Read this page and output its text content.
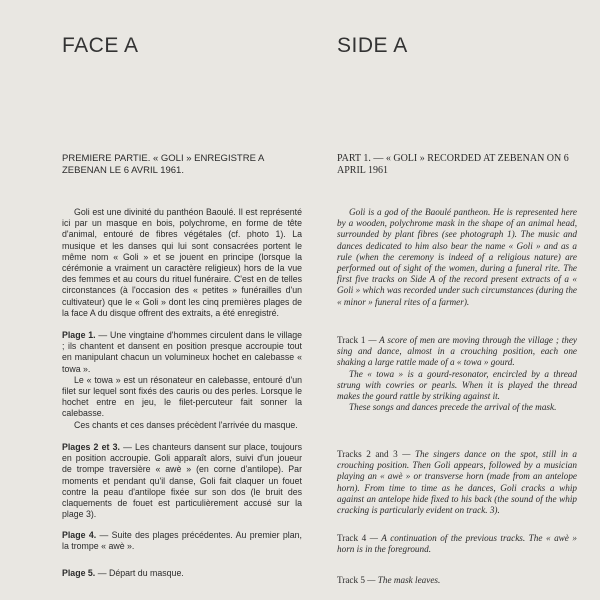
FACE A
PREMIERE PARTIE. « GOLI » ENREGISTRE A ZEBENAN LE 6 AVRIL 1961.

Goli est une divinité du panthéon Baoulé. Il est représenté ici par un masque en bois, polychrome, en forme de tête d'animal, entouré de fibres végétales (cf. photo 1). La musique et les danses qui lui sont consacrées portent le même nom « Goli » et se jouent en principe (lorsque la cérémonie a vraiment un caractère religieux) hors de la vue des femmes et au cours du rituel funéraire. C'est en de telles circonstances (à l'occasion des « petites » funérailles d'un cultivateur) que le « Goli » dont les cinq premières plages de la face A du disque offrent des extraits, a été enregistré.

Plage 1. — Une vingtaine d'hommes circulent dans le village ; ils chantent et dansent en position presque accroupie tout en manipulant chacun un volumineux hochet en calebasse « towa ».

Le « towa » est un résonateur en calebasse, entouré d'un filet sur lequel sont fixés des cauris ou des perles. Lorsque le hochet entre en jeu, le filet-percuteur fait sonner la calebasse.

Ces chants et ces danses précèdent l'arrivée du masque.

Plages 2 et 3. — Les chanteurs dansent sur place, toujours en position accroupie. Goli apparaît alors, suivi d'un joueur de trompe traversière « awè » (en corne d'antilope). Par moments et pendant qu'il danse, Goli fait claquer un fouet contre la peau d'antilope fixée sur son dos (le bruit des claquements de fouet est particulièrement accusé sur la plage 3).

Plage 4. — Suite des plages précédentes. Au premier plan, la trompe « awè ».

Plage 5. — Départ du masque.

SIDE A
PART 1. — « GOLI » RECORDED AT ZEBENAN ON 6 APRIL 1961

Goli is a god of the Baoulé pantheon. He is represented here by a wooden, polychrome mask in the shape of an animal head, surrounded by plant fibres (see photograph 1). The music and dances dedicated to him also bear the name « Goli » and as a rule (when the ceremony is indeed of a religious nature) are performed out of sight of the women, during a funeral rite. The first five tracks on Side A of the record present extracts of a « Goli » which was recorded under such circumstances (during the « minor » funeral rites of a farmer).

Track 1 — A score of men are moving through the village ; they sing and dance, almost in a crouching position, each one shaking a large rattle made of a « towa » gourd.

The « towa » is a gourd-resonator, encircled by a thread strung with cowries or pearls. When it is played the thread makes the gourd rattle by striking against it.

These songs and dances precede the arrival of the mask.

Tracks 2 and 3 — The singers dance on the spot, still in a crouching position. Then Goli appears, followed by a musician playing an « awè » or transverse horn (made from an antelope horn). From time to time as he dances, Goli cracks a whip against an antelope hide fixed to his back (the sound of the whip cracking is particularly evident on track. 3).

Track 4 — A continuation of the previous tracks. The « awè » horn is in the foreground.

Track 5 — The mask leaves.
